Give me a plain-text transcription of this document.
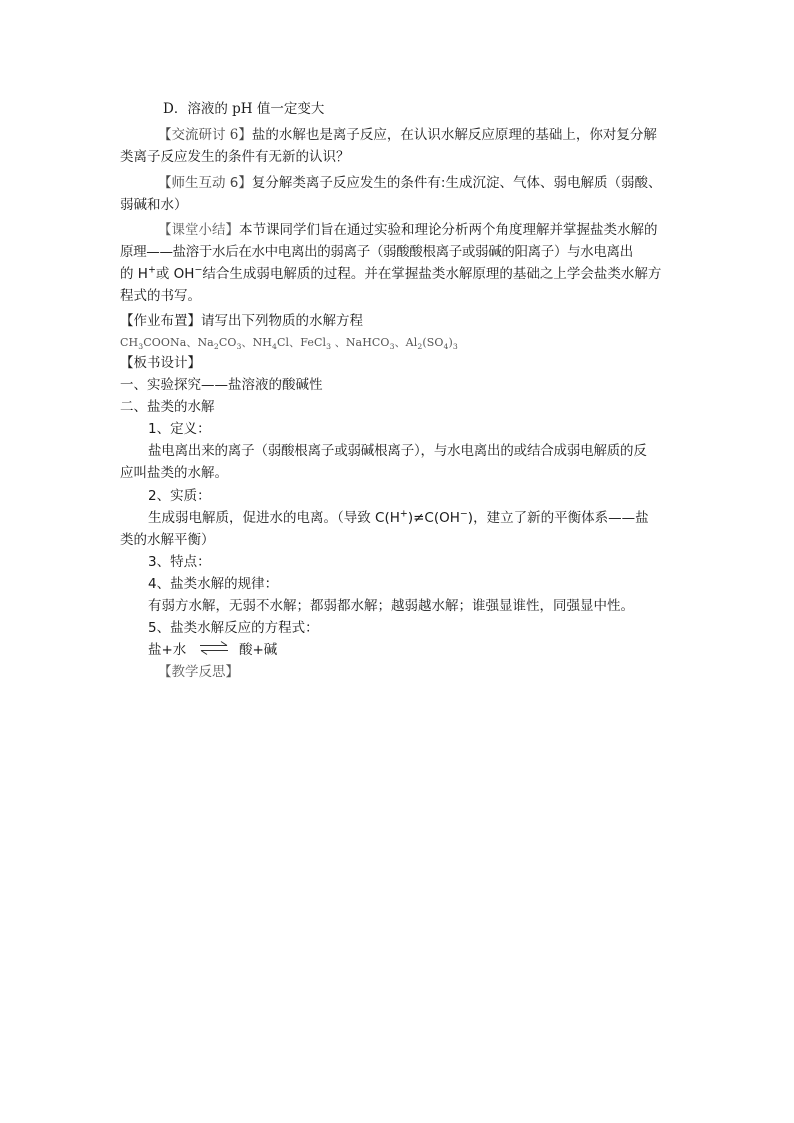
D．溶液的 pH 值一定变大
【交流研讨 6】盐的水解也是离子反应，在认识水解反应原理的基础上，你对复分解
类离子反应发生的条件有无新的认识？
【师生互动 6】复分解类离子反应发生的条件有:生成沉淀、气体、弱电解质（弱酸、
弱碱和水）
【课堂小结】本节课同学们旨在通过实验和理论分析两个角度理解并掌握盐类水解的
原理——盐溶于水后在水中电离出的弱离子（弱酸酸根离子或弱碱的阳离子）与水电离出
的 H+或 OH−结合生成弱电解质的过程。并在掌握盐类水解原理的基础之上学会盐类水解方
程式的书写。
【作业布置】请写出下列物质的水解方程
$CH_3COONa$、$Na_2CO_3$、$NH_4Cl$、FeCl$_3$ 、NaHCO$_3$、$Al_2(SO_4)_3$
【板书设计】
一、实验探究——盐溶液的酸碱性
二、盐类的水解
1、定义：
盐电离出来的离子（弱酸根离子或弱碱根离子），与水电离出的或结合成弱电解质的反
应叫盐类的水解。
2、实质：
生成弱电解质，促进水的电离。（导致 C(H+)≠C(OH−)，建立了新的平衡体系——盐
类的水解平衡）
3、特点：
4、盐类水解的规律：
有弱方水解，无弱不水解；都弱都水解；越弱越水解；谁强显谁性，同强显中性。
5、盐类水解反应的方程式：
盐+水 ⇌ 酸+碱
【教学反思】
